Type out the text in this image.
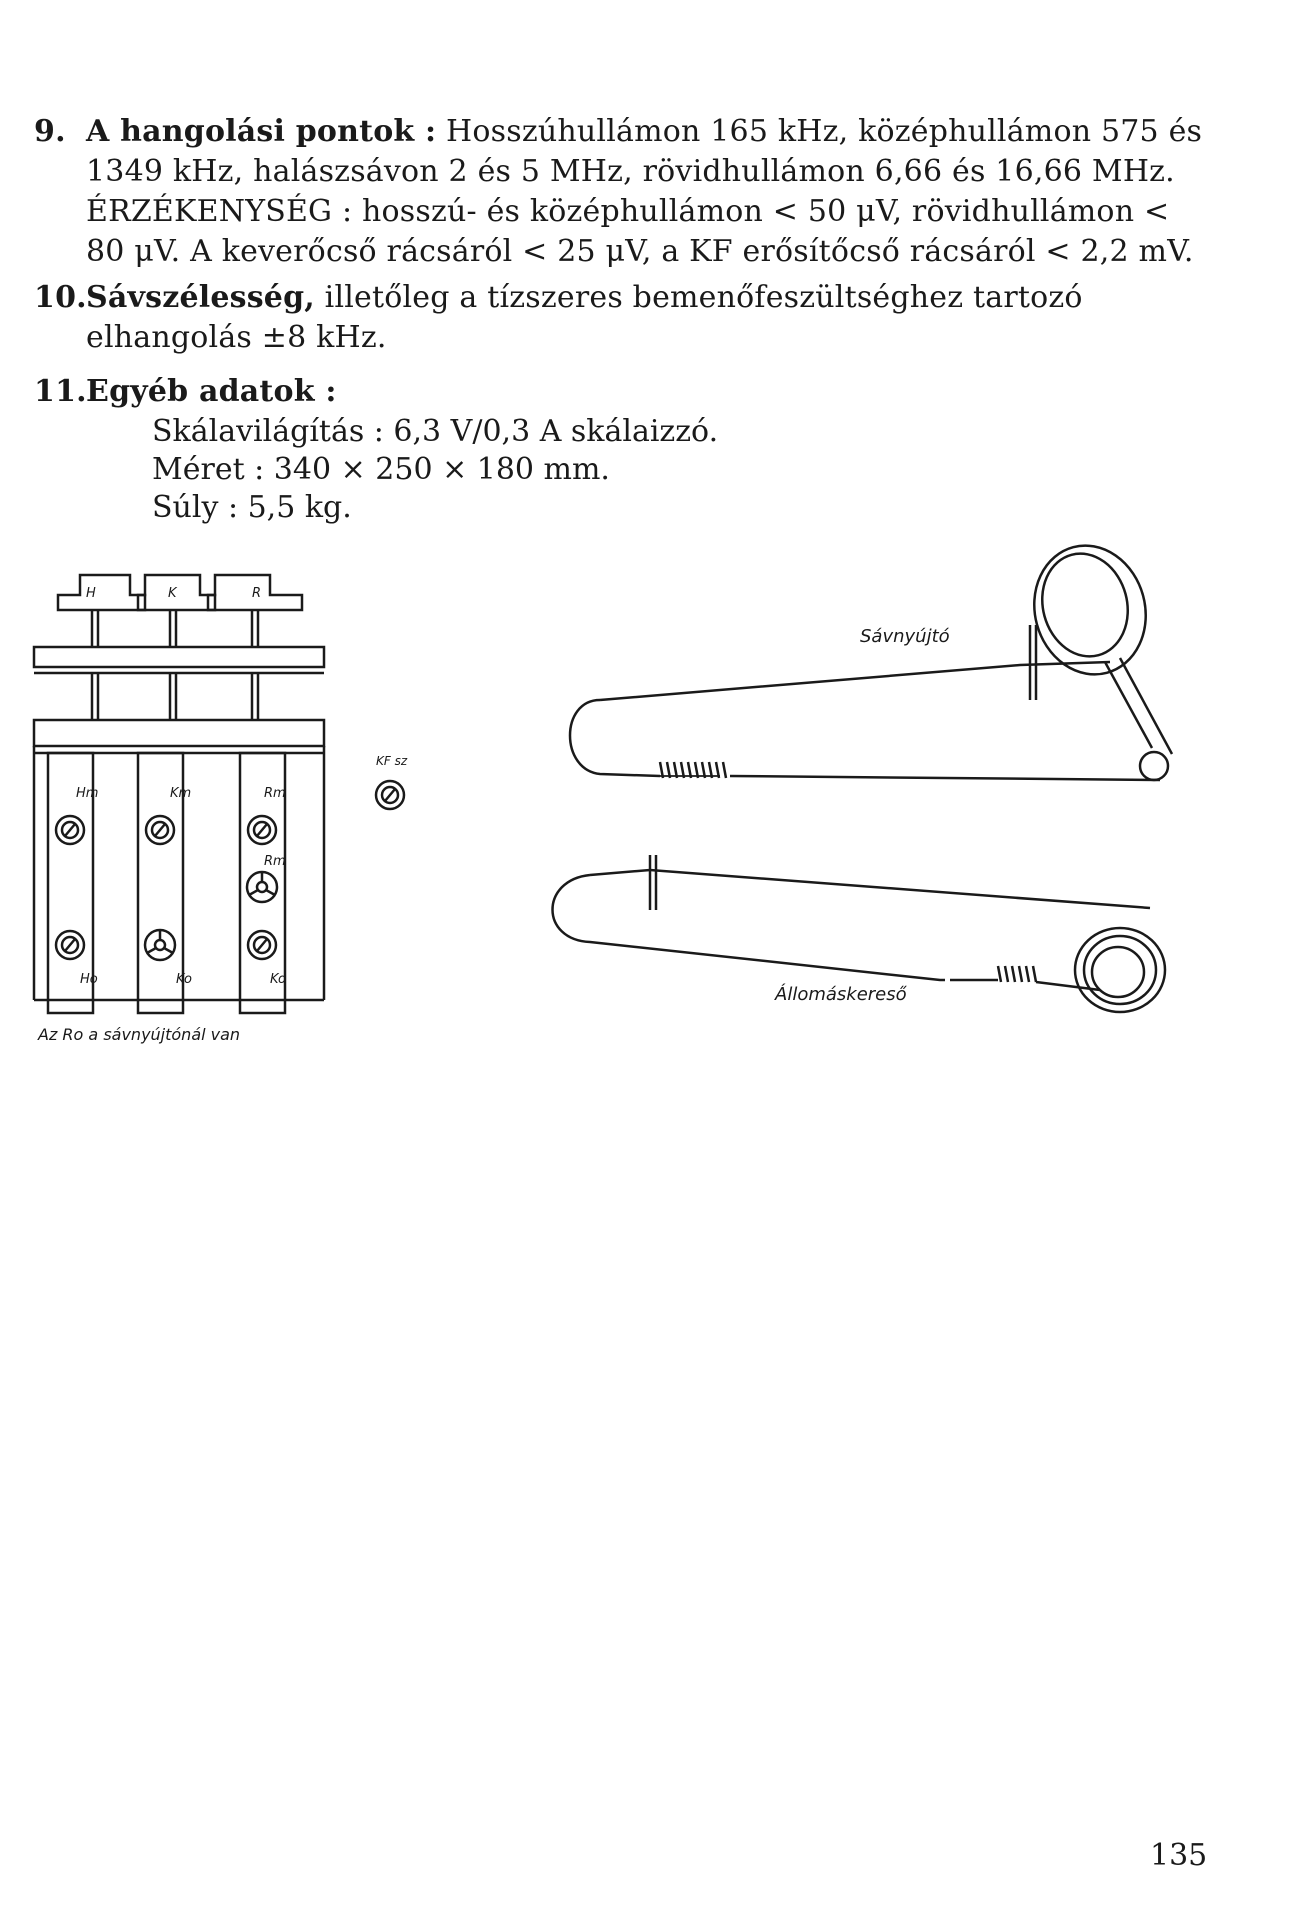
9. A hangolási pontok : Hosszúhullámon 165 kHz, középhullámon 575 és 1349 kHz, halászsávon 2 és 5 MHz, rövidhullámon 6,66 és 16,66 MHz.
ÉRZÉKENYSÉG : hosszú- és középhullámon < 50 μV, rövidhullámon < 80 μV. A keverőcső rácsáról < 25 μV, a KF erősítőcső rácsáról < 2,2 mV.
10. Sávszélesség, illetőleg a tízszeres bemenőfeszültséghez tartozó elhangolás ±8 kHz.
11. Egyéb adatok :
Skálavilágítás : 6,3 V/0,3 A skálaizzó.
Méret : 340 × 250 × 180 mm.
Súly : 5,5 kg.
H	K	R
KF sz
Hm	Km	Rm
Rm
Ho	Ko	Ko
Az Ro a sávnyújtónál van
Sávnyújtó
Állomáskereső
135
